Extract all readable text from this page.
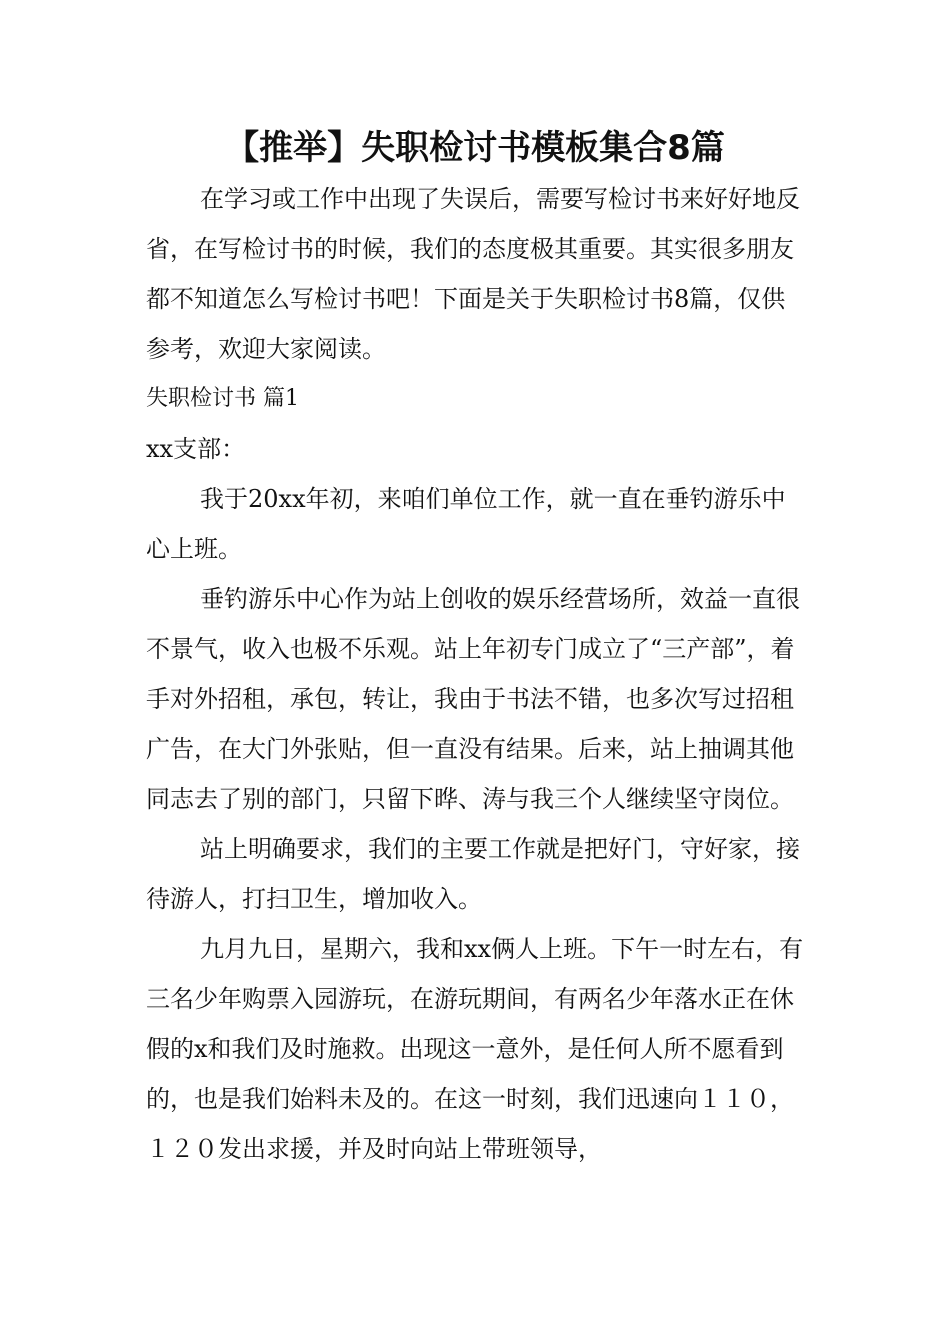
【推举】失职检讨书模板集合8篇

在学习或工作中出现了失误后，需要写检讨书来好好地反省，在写检讨书的时候，我们的态度极其重要。其实很多朋友都不知道怎么写检讨书吧！下面是关于失职检讨书8篇，仅供参考，欢迎大家阅读。

失职检讨书 篇1

xx支部：

我于20xx年初，来咱们单位工作，就一直在垂钓游乐中心上班。

垂钓游乐中心作为站上创收的娱乐经营场所，效益一直很不景气，收入也极不乐观。站上年初专门成立了“三产部”，着手对外招租，承包，转让，我由于书法不错，也多次写过招租广告，在大门外张贴，但一直没有结果。后来，站上抽调其他同志去了别的部门，只留下晔、涛与我三个人继续坚守岗位。

站上明确要求，我们的主要工作就是把好门，守好家，接待游人，打扫卫生，增加收入。

九月九日，星期六，我和xx俩人上班。下午一时左右，有三名少年购票入园游玩，在游玩期间，有两名少年落水正在休假的x和我们及时施救。出现这一意外，是任何人所不愿看到的，也是我们始料未及的。在这一时刻，我们迅速向１１０，１２０发出求援，并及时向站上带班领导，
